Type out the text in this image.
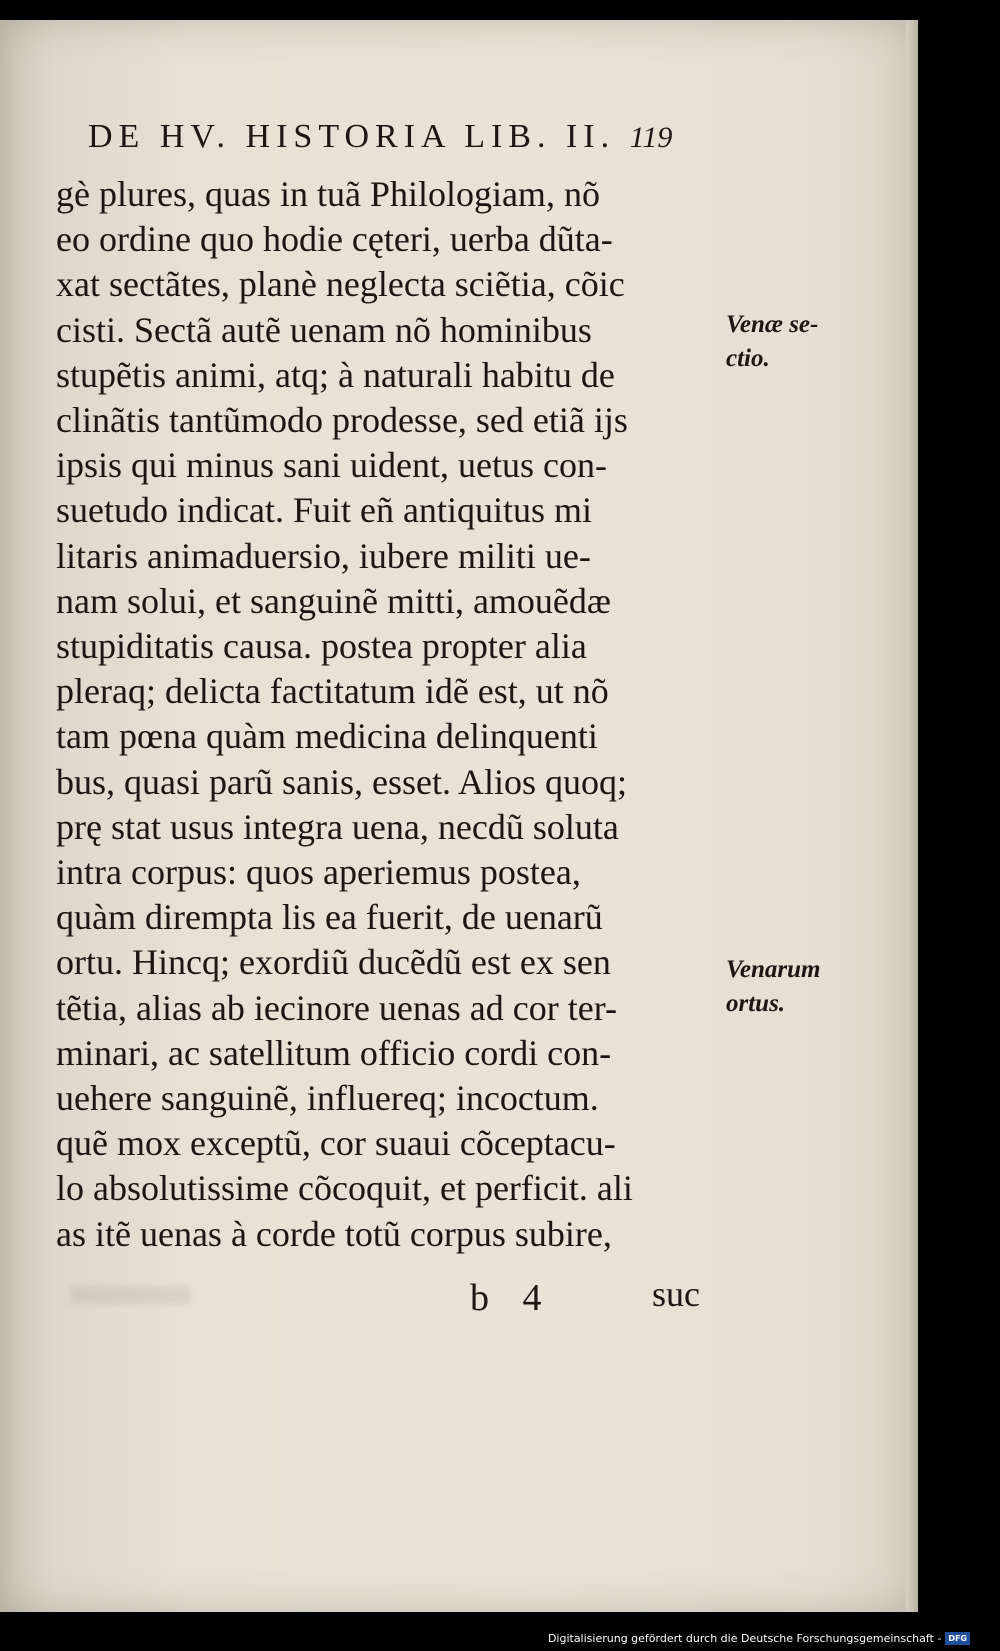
DE HV. HISTORIA LIB. II. 119
gè plures, quas in tuã Philologiam, nõ
eo ordine quo hodie cęteri, uerba dũta-
xat sectãtes, planè neglecta sciẽtia, cõic
cisti. Sectã autẽ uenam nõ hominibus
stupẽtis animi, atq; à naturali habitu de
clinãtis tantũmodo prodesse, sed etiã ijs
ipsis qui minus sani uident, uetus con-
suetudo indicat. Fuit eñ antiquitus mi
litaris animaduersio, iubere militi ue-
nam solui, et sanguinẽ mitti, amouẽdæ
stupiditatis causa. postea propter alia
pleraq; delicta factitatum idẽ est, ut nõ
tam pœna quàm medicina delinquenti
bus, quasi parũ sanis, esset. Alios quoq;
prę stat usus integra uena, necdũ soluta
intra corpus: quos aperiemus postea,
quàm dirempta lis ea fuerit, de uenarũ
ortu. Hincq; exordiũ ducẽdũ est ex sen
tẽtia, alias ab iecinore uenas ad cor ter-
minari, ac satellitum officio cordi con-
uehere sanguinẽ, influereq; incoctum.
quẽ mox exceptũ, cor suaui cõceptacu-
lo absolutissime cõcoquit, et perficit. ali
as itẽ uenas à corde totũ corpus subire,
Venæ se-
ctio.
Venarum
ortus.
b 4	suc
Digitalisierung gefördert durch die Deutsche Forschungsgemeinschaft - DFG
